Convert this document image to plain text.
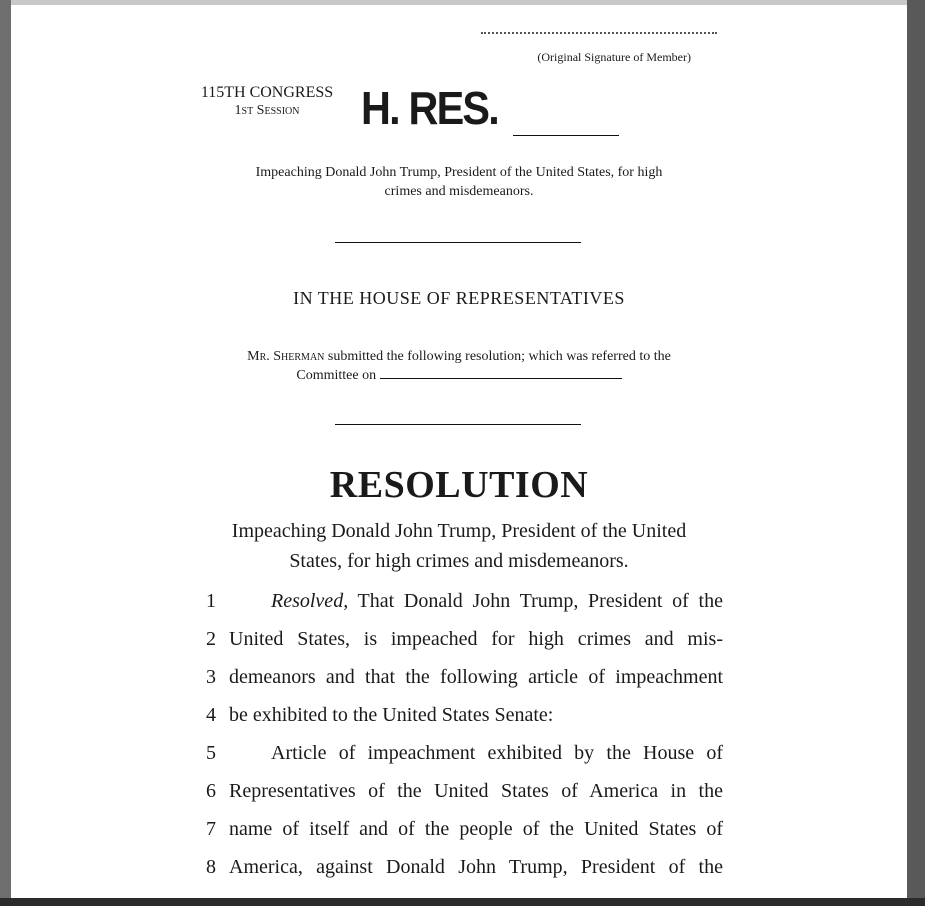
(Original Signature of Member)
115TH CONGRESS
1st Session	H. RES.
Impeaching Donald John Trump, President of the United States, for high
crimes and misdemeanors.
IN THE HOUSE OF REPRESENTATIVES
Mr. Sherman submitted the following resolution; which was referred to the
Committee on
RESOLUTION
Impeaching Donald John Trump, President of the United
States, for high crimes and misdemeanors.
1	Resolved, That Donald John Trump, President of the
2 United States, is impeached for high crimes and mis-
3 demeanors and that the following article of impeachment
4 be exhibited to the United States Senate:
5	Article of impeachment exhibited by the House of
6 Representatives of the United States of America in the
7 name of itself and of the people of the United States of
8 America, against Donald John Trump, President of the
